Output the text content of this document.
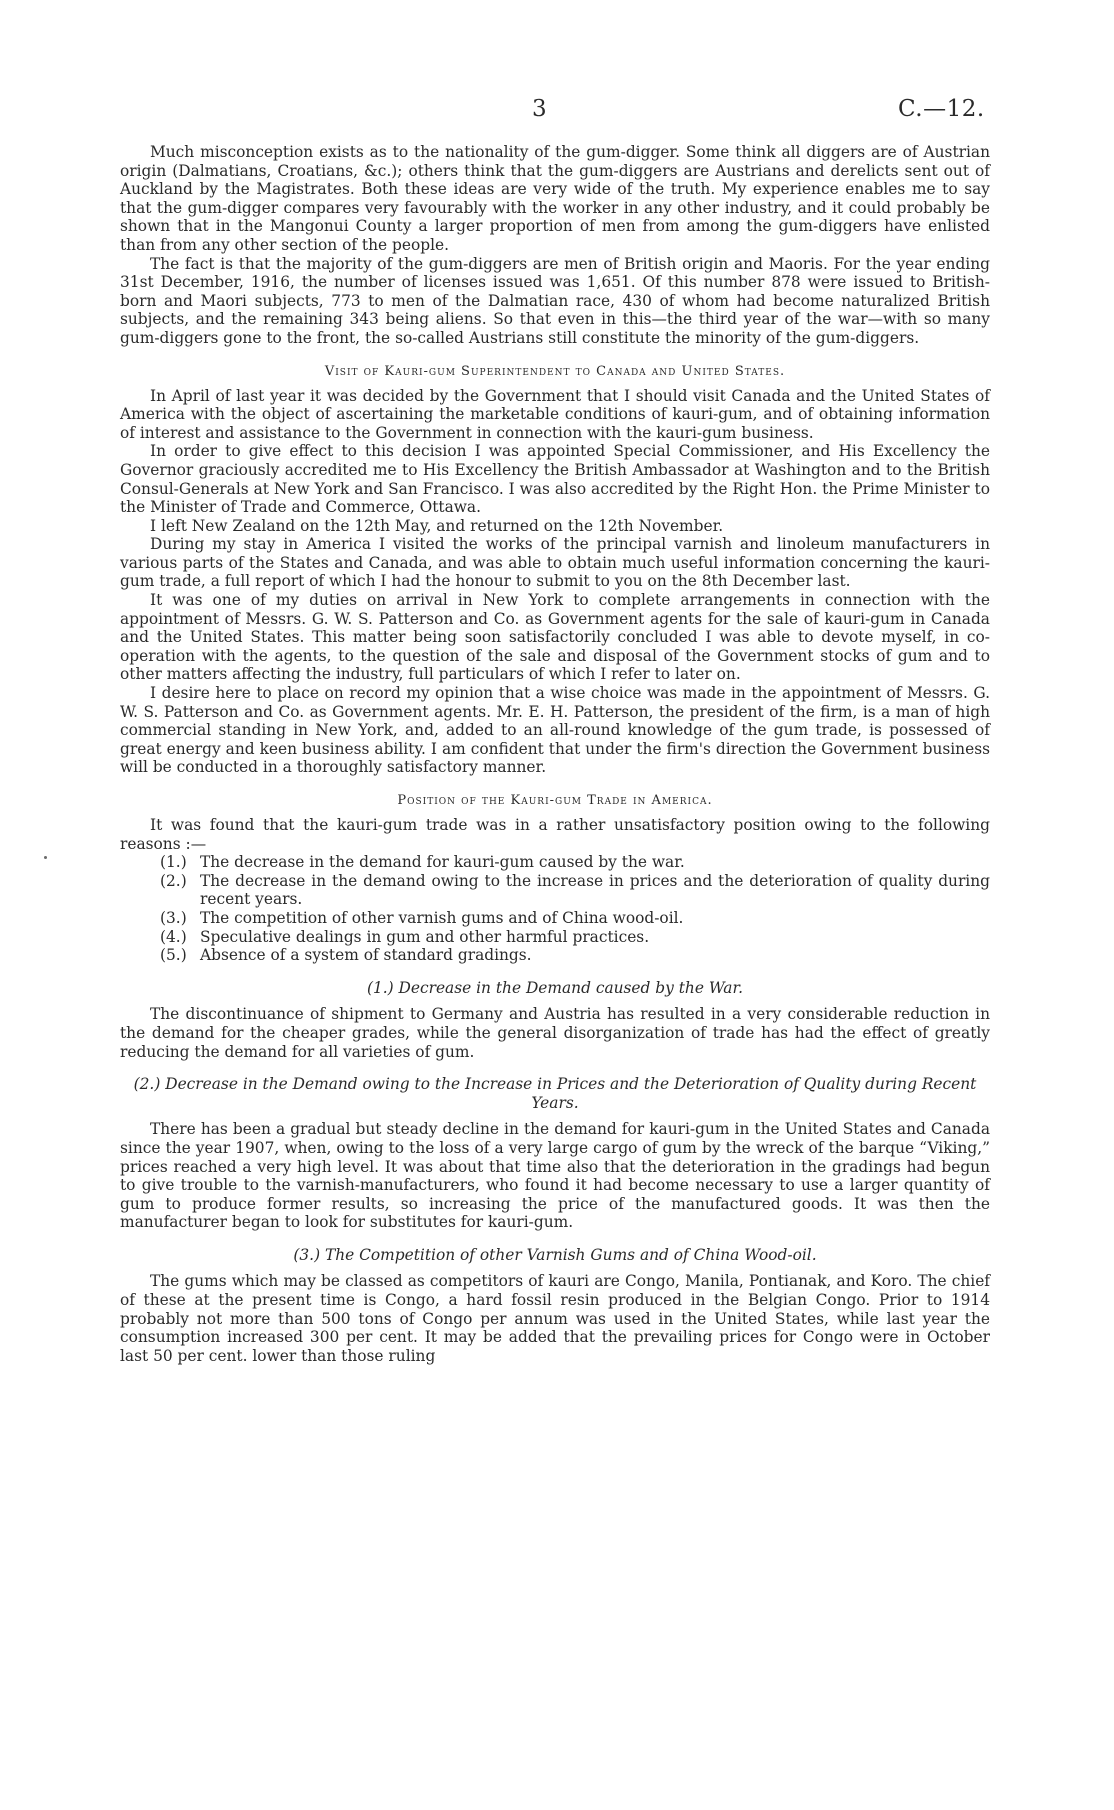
3	C.—12.

Much misconception exists as to the nationality of the gum-digger. Some think all diggers are of Austrian origin (Dalmatians, Croatians, &c.); others think that the gum-diggers are Austrians and derelicts sent out of Auckland by the Magistrates. Both these ideas are very wide of the truth. My experience enables me to say that the gum-digger compares very favourably with the worker in any other industry, and it could probably be shown that in the Mangonui County a larger proportion of men from among the gum-diggers have enlisted than from any other section of the people.

The fact is that the majority of the gum-diggers are men of British origin and Maoris. For the year ending 31st December, 1916, the number of licenses issued was 1,651. Of this number 878 were issued to British-born and Maori subjects, 773 to men of the Dalmatian race, 430 of whom had become naturalized British subjects, and the remaining 343 being aliens. So that even in this—the third year of the war—with so many gum-diggers gone to the front, the so-called Austrians still constitute the minority of the gum-diggers.

Visit of Kauri-gum Superintendent to Canada and United States.

In April of last year it was decided by the Government that I should visit Canada and the United States of America with the object of ascertaining the marketable conditions of kauri-gum, and of obtaining information of interest and assistance to the Government in connection with the kauri-gum business.

In order to give effect to this decision I was appointed Special Commissioner, and His Excellency the Governor graciously accredited me to His Excellency the British Ambassador at Washington and to the British Consul-Generals at New York and San Francisco. I was also accredited by the Right Hon. the Prime Minister to the Minister of Trade and Commerce, Ottawa.

I left New Zealand on the 12th May, and returned on the 12th November.

During my stay in America I visited the works of the principal varnish and linoleum manufacturers in various parts of the States and Canada, and was able to obtain much useful information concerning the kauri-gum trade, a full report of which I had the honour to submit to you on the 8th December last.

It was one of my duties on arrival in New York to complete arrangements in connection with the appointment of Messrs. G. W. S. Patterson and Co. as Government agents for the sale of kauri-gum in Canada and the United States. This matter being soon satisfactorily concluded I was able to devote myself, in co-operation with the agents, to the question of the sale and disposal of the Government stocks of gum and to other matters affecting the industry, full particulars of which I refer to later on.

I desire here to place on record my opinion that a wise choice was made in the appointment of Messrs. G. W. S. Patterson and Co. as Government agents. Mr. E. H. Patterson, the president of the firm, is a man of high commercial standing in New York, and, added to an all-round knowledge of the gum trade, is possessed of great energy and keen business ability. I am confident that under the firm's direction the Government business will be conducted in a thoroughly satisfactory manner.

Position of the Kauri-gum Trade in America.

It was found that the kauri-gum trade was in a rather unsatisfactory position owing to the following reasons :—

(1.) The decrease in the demand for kauri-gum caused by the war.
(2.) The decrease in the demand owing to the increase in prices and the deterioration of quality during recent years.
(3.) The competition of other varnish gums and of China wood-oil.
(4.) Speculative dealings in gum and other harmful practices.
(5.) Absence of a system of standard gradings.
(1.) Decrease in the Demand caused by the War.

The discontinuance of shipment to Germany and Austria has resulted in a very considerable reduction in the demand for the cheaper grades, while the general disorganization of trade has had the effect of greatly reducing the demand for all varieties of gum.

(2.) Decrease in the Demand owing to the Increase in Prices and the Deterioration of Quality during Recent Years.

There has been a gradual but steady decline in the demand for kauri-gum in the United States and Canada since the year 1907, when, owing to the loss of a very large cargo of gum by the wreck of the barque “Viking,” prices reached a very high level. It was about that time also that the deterioration in the gradings had begun to give trouble to the varnish-manufacturers, who found it had become necessary to use a larger quantity of gum to produce former results, so increasing the price of the manufactured goods. It was then the manufacturer began to look for substitutes for kauri-gum.

(3.) The Competition of other Varnish Gums and of China Wood-oil.

The gums which may be classed as competitors of kauri are Congo, Manila, Pontianak, and Koro. The chief of these at the present time is Congo, a hard fossil resin produced in the Belgian Congo. Prior to 1914 probably not more than 500 tons of Congo per annum was used in the United States, while last year the consumption increased 300 per cent. It may be added that the prevailing prices for Congo were in October last 50 per cent. lower than those ruling
